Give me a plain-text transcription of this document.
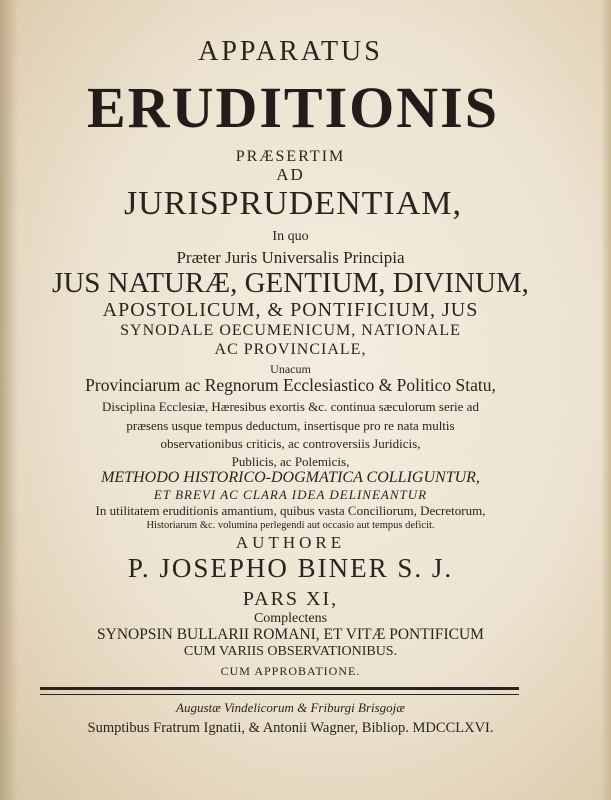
APPARATUS
ERUDITIONIS
PRÆSERTIM
AD
JURISPRUDENTIAM,
In quo
Præter Juris Universalis Principia
JUS NATURÆ, GENTIUM, DIVINUM,
APOSTOLICUM, & PONTIFICIUM, JUS
SYNODALE OECUMENICUM, NATIONALE
AC PROVINCIALE,
Unacum
Provinciarum ac Regnorum Ecclesiastico & Politico Statu,
Disciplina Ecclesiæ, Hæresibus exortis &c. continua sæculorum serie ad
præsens usque tempus deductum, insertisque pro re nata multis
observationibus criticis, ac controversiis Juridicis,
Publicis, ac Polemicis,
METHODO HISTORICO-DOGMATICA COLLIGUNTUR,
ET BREVI AC CLARA IDEA DELINEANTUR
In utilitatem eruditionis amantium, quibus vasta Conciliorum, Decretorum,
Historiarum &c. volumina perlegendi aut occasio aut tempus deficit.
AUTHORE
P. JOSEPHO BINER S. J.
PARS XI,
Complectens
SYNOPSIN BULLARII ROMANI, ET VITÆ PONTIFICUM
CUM VARIIS OBSERVATIONIBUS.
CUM APPROBATIONE.
Augustæ Vindelicorum & Friburgi Brisgojæ
Sumptibus Fratrum Ignatii, & Antonii Wagner, Bibliop. MDCCLXVI.
